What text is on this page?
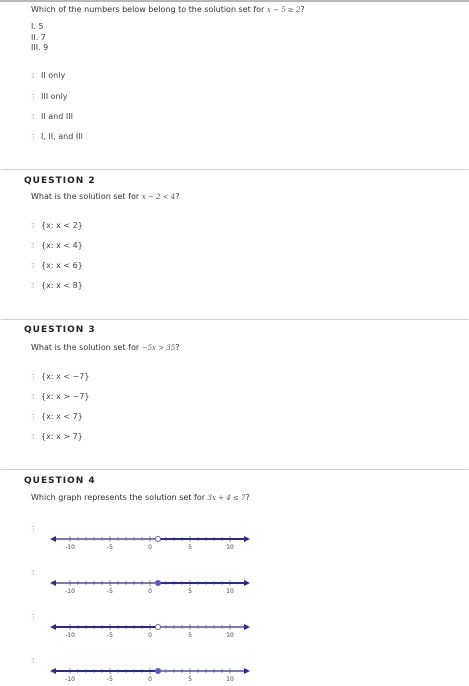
Which of the numbers below belong to the solution set for x − 5 ≥ 2?
I. 5
II. 7
III. 9
⁚⁝ II only
⁚⁝ III only
⁚⁝ II and III
⁚⁝ I, II, and III
QUESTION 2
What is the solution set for x − 2 < 4?
⁚⁝ {x: x < 2}
⁚⁝ {x: x < 4}
⁚⁝ {x: x < 6}
⁚⁝ {x: x < 8}
QUESTION 3
What is the solution set for −5x > 35?
⁚⁝ {x: x < −7}
⁚⁝ {x: x > −7}
⁚⁝ {x: x < 7}
⁚⁝ {x: x > 7}
QUESTION 4
Which graph represents the solution set for 3x + 4 ≤ 7?
⁚⁝
-10	-5	0	5	10
⁚⁝
-10	-5	0	5	10
⁚⁝
-10	-5	0	5	10
⁚⁝
-10	-5	0	5	10
